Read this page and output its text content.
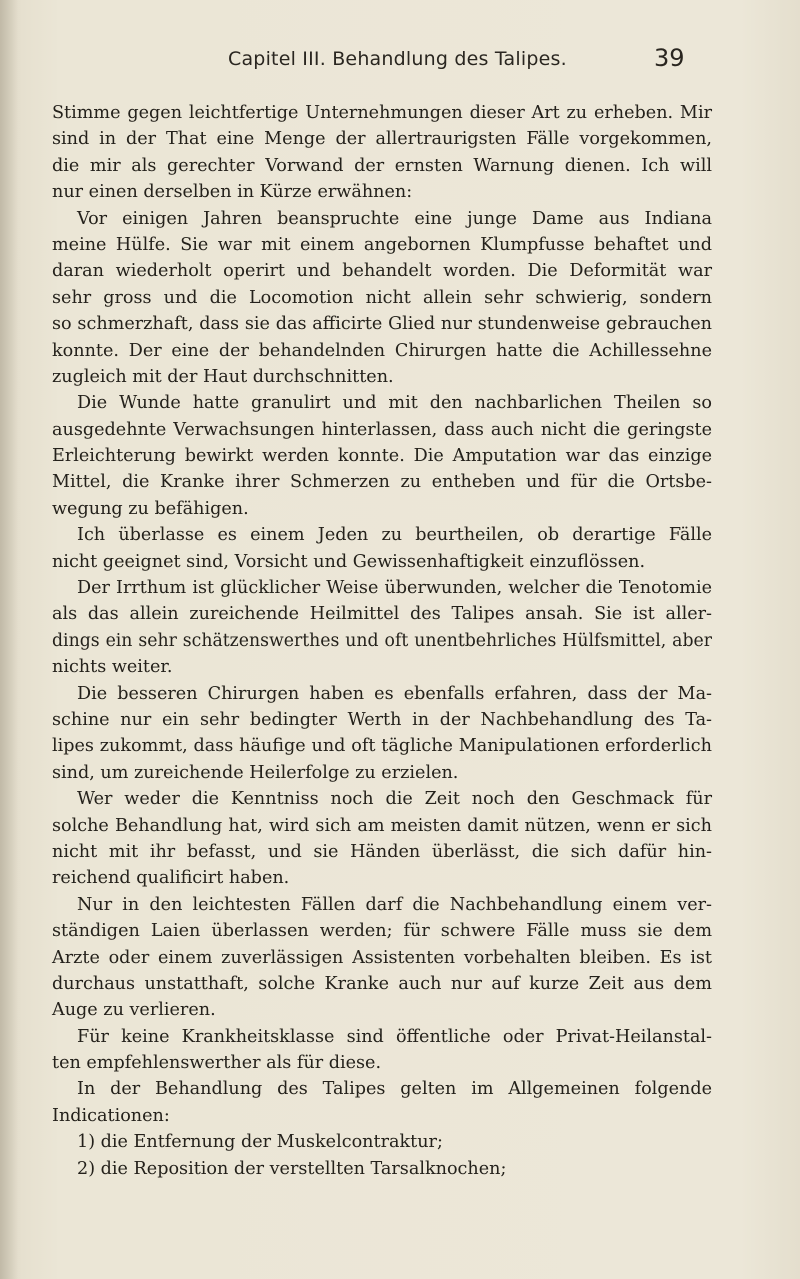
Capitel III. Behandlung des Talipes.	39
Stimme gegen leichtfertige Unternehmungen dieser Art zu erheben. Mir
sind in der That eine Menge der allertraurigsten Fälle vorgekommen,
die mir als gerechter Vorwand der ernsten Warnung dienen. Ich will
nur einen derselben in Kürze erwähnen:
Vor einigen Jahren beanspruchte eine junge Dame aus Indiana
meine Hülfe. Sie war mit einem angebornen Klumpfusse behaftet und
daran wiederholt operirt und behandelt worden. Die Deformität war
sehr gross und die Locomotion nicht allein sehr schwierig, sondern
so schmerzhaft, dass sie das afficirte Glied nur stundenweise gebrauchen
konnte. Der eine der behandelnden Chirurgen hatte die Achillessehne
zugleich mit der Haut durchschnitten.
Die Wunde hatte granulirt und mit den nachbarlichen Theilen so
ausgedehnte Verwachsungen hinterlassen, dass auch nicht die geringste
Erleichterung bewirkt werden konnte. Die Amputation war das einzige
Mittel, die Kranke ihrer Schmerzen zu entheben und für die Ortsbe-
wegung zu befähigen.
Ich überlasse es einem Jeden zu beurtheilen, ob derartige Fälle
nicht geeignet sind, Vorsicht und Gewissenhaftigkeit einzuflössen.
Der Irrthum ist glücklicher Weise überwunden, welcher die Tenotomie
als das allein zureichende Heilmittel des Talipes ansah. Sie ist aller-
dings ein sehr schätzenswerthes und oft unentbehrliches Hülfsmittel, aber
nichts weiter.
Die besseren Chirurgen haben es ebenfalls erfahren, dass der Ma-
schine nur ein sehr bedingter Werth in der Nachbehandlung des Ta-
lipes zukommt, dass häufige und oft tägliche Manipulationen erforderlich
sind, um zureichende Heilerfolge zu erzielen.
Wer weder die Kenntniss noch die Zeit noch den Geschmack für
solche Behandlung hat, wird sich am meisten damit nützen, wenn er sich
nicht mit ihr befasst, und sie Händen überlässt, die sich dafür hin-
reichend qualificirt haben.
Nur in den leichtesten Fällen darf die Nachbehandlung einem ver-
ständigen Laien überlassen werden; für schwere Fälle muss sie dem
Arzte oder einem zuverlässigen Assistenten vorbehalten bleiben. Es ist
durchaus unstatthaft, solche Kranke auch nur auf kurze Zeit aus dem
Auge zu verlieren.
Für keine Krankheitsklasse sind öffentliche oder Privat-Heilanstal-
ten empfehlenswerther als für diese.
In der Behandlung des Talipes gelten im Allgemeinen folgende
Indicationen:
1) die Entfernung der Muskelcontraktur;
2) die Reposition der verstellten Tarsalknochen;
